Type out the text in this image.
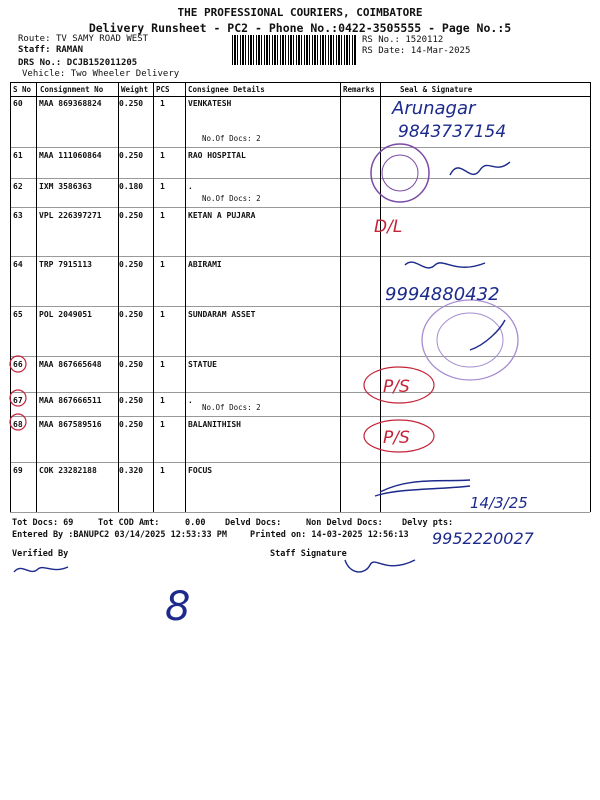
THE PROFESSIONAL COURIERS, COIMBATORE
Delivery Runsheet - PC2 - Phone No.:0422-3505555 - Page No.:5
Route: TV SAMY ROAD WEST
Staff: RAMAN
DRS No.: DCJB152011205
Vehicle: Two Wheeler Delivery
RS No.: 1520112
RS Date: 14-Mar-2025
S No Consignment No Weight PCS Consignee Details	Remarks	Seal & Signature
60 MAA 869368824 0.250 1	VENKATESH
No.Of Docs: 2
61 MAA 111060864 0.250 1	RAO HOSPITAL
62 IXM 3586363	0.180 1	.
No.Of Docs: 2
63 VPL 226397271 0.250 1	KETAN A PUJARA
64 TRP 7915113	0.250 1	ABIRAMI
65 POL 2049051	0.250 1	SUNDARAM ASSET
66 MAA 867665648 0.250 1	STATUE
67 MAA 867666511 0.250 1	.
No.Of Docs: 2
68 MAA 867589516 0.250 1	BALANITHISH
69 COK 23282188	0.320 1	FOCUS
Tot Docs: 69	Tot COD Amt:     0.00 Delvd Docs:	Non Delvd Docs: Delvy pts:
Entered By :BANUPC2 03/14/2025 12:53:33 PM	Printed on: 14-03-2025 12:56:13
Verified By	Staff Signature
Arunagar
9843737154
9994880432
14/3/25
9952220027
8
D/L
P/S
P/S
